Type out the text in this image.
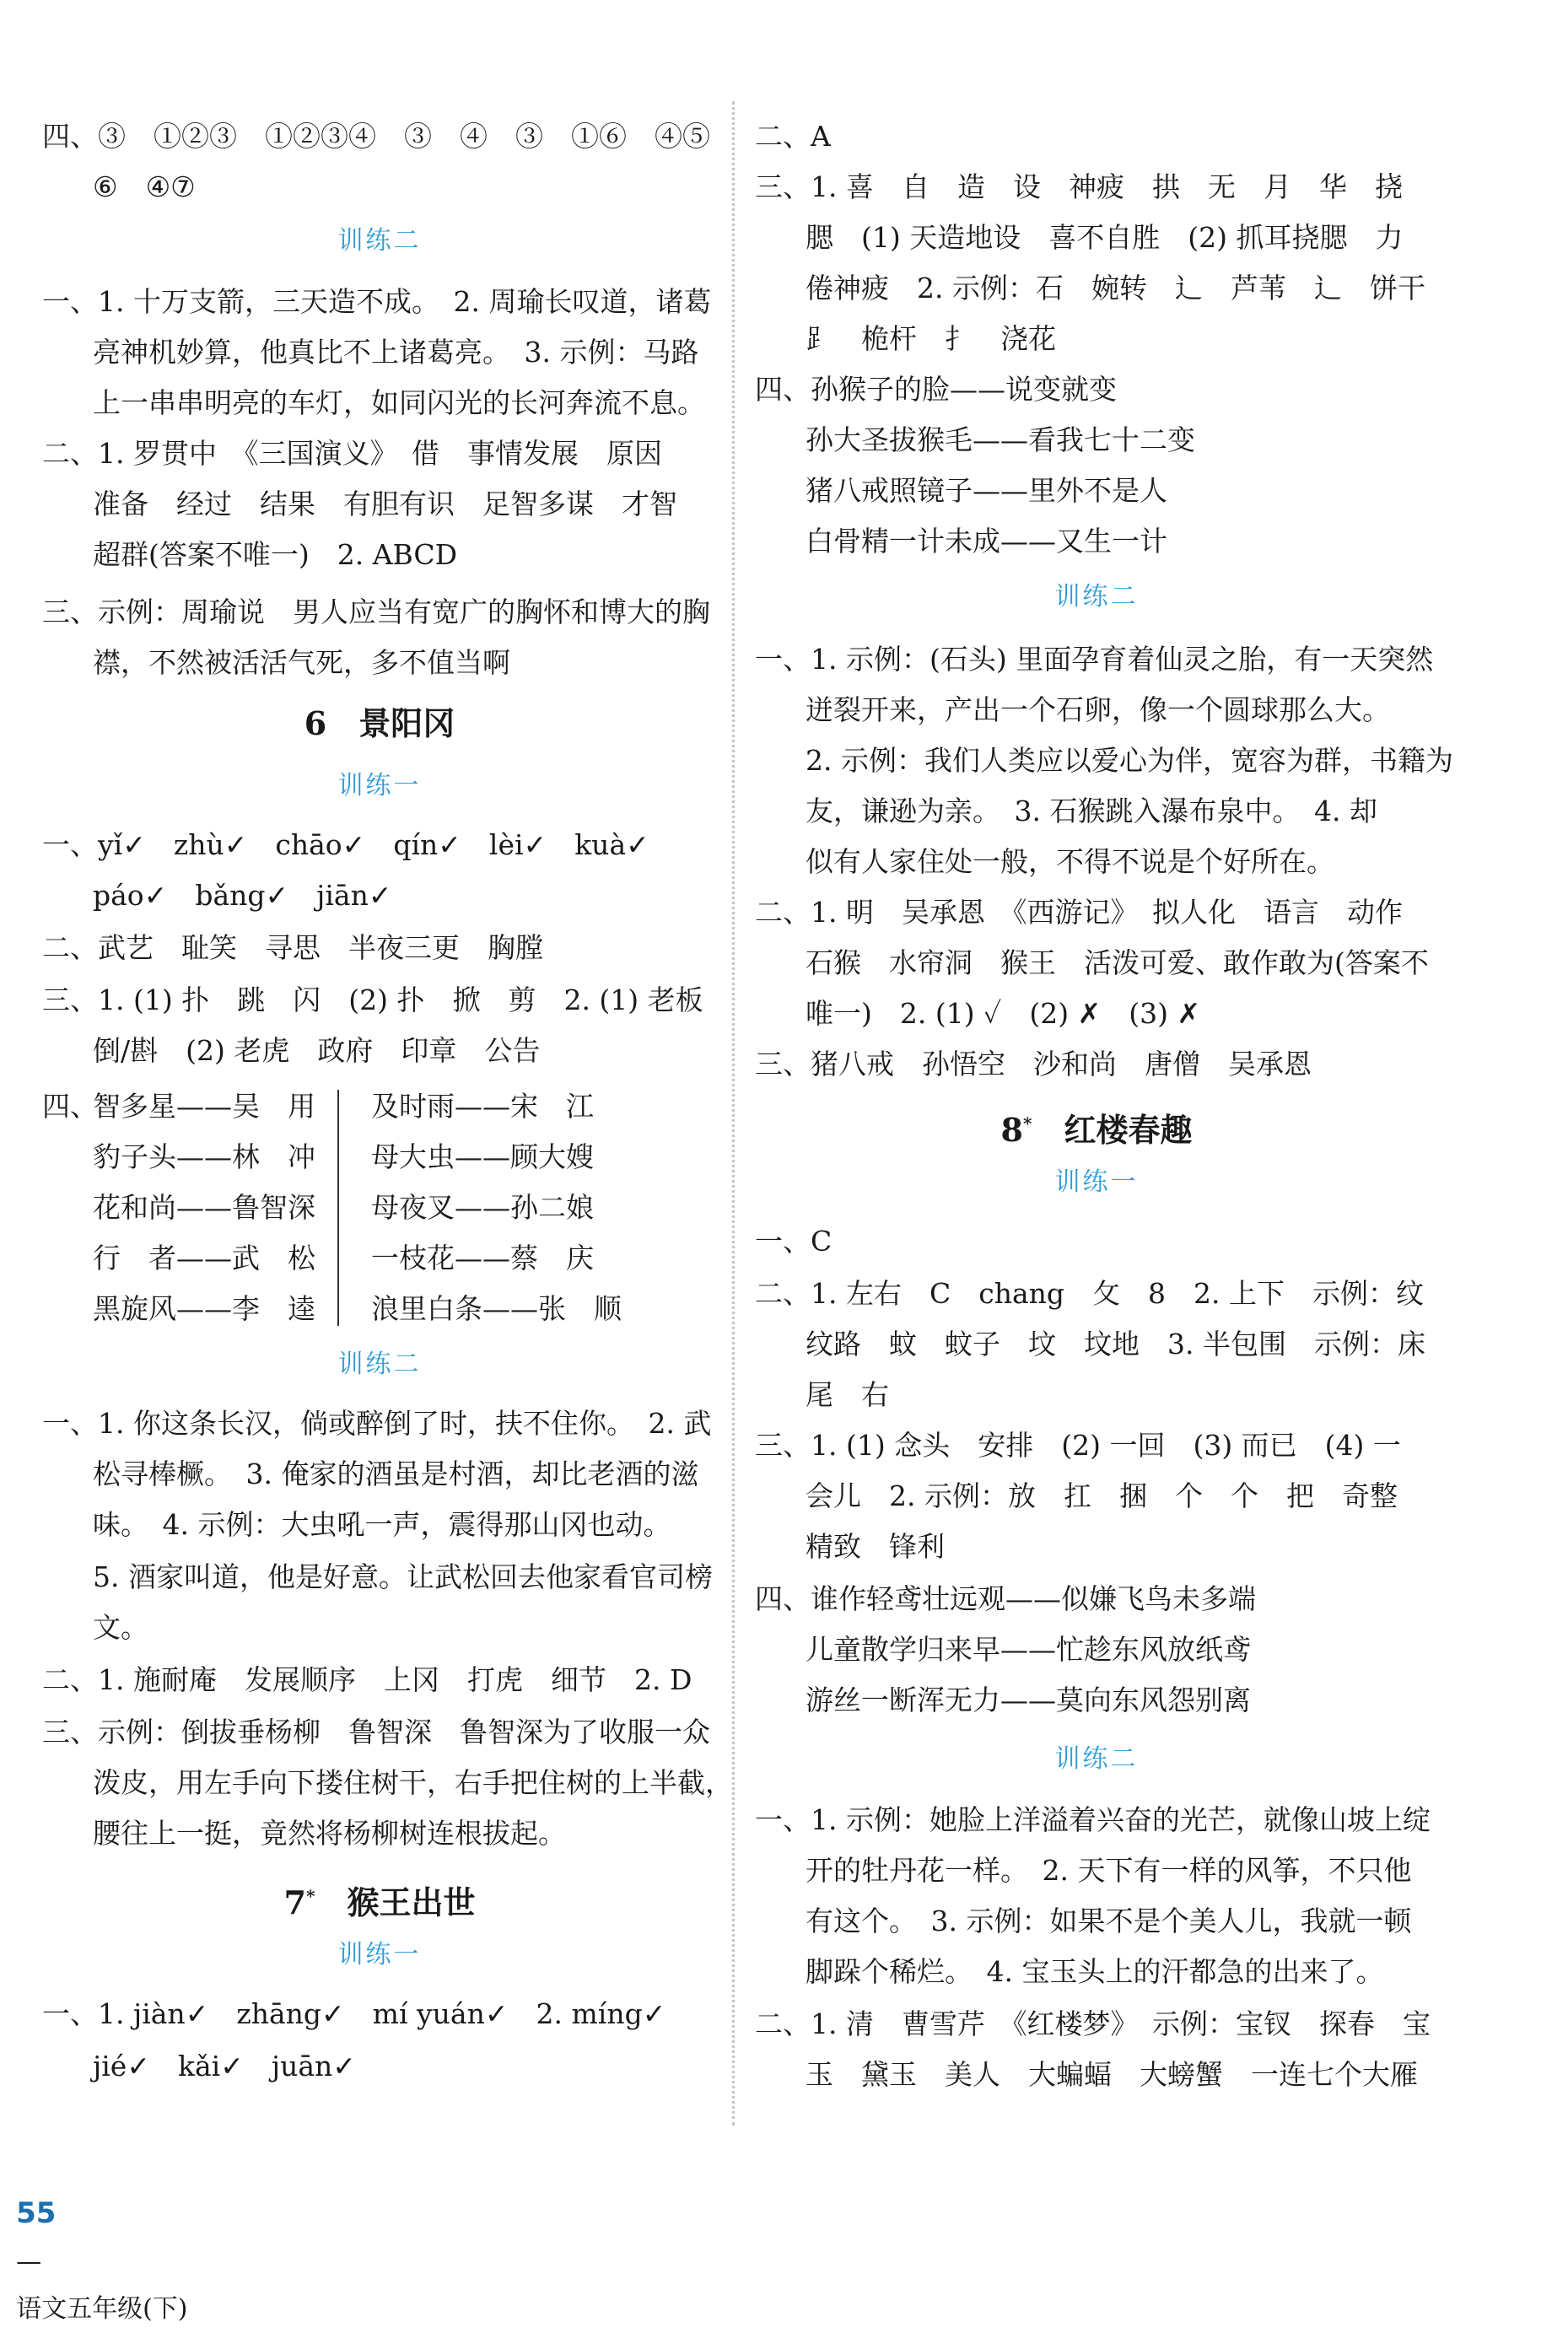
四、③　①②③　①②③④　③　④　③　①⑥　④⑤
⑥　④⑦
训练二
一、1. 十万支箭，三天造不成。　2. 周瑜长叹道，诸葛
亮神机妙算，他真比不上诸葛亮。　3. 示例：马路
上一串串明亮的车灯，如同闪光的长河奔流不息。
二、1. 罗贯中　《三国演义》　借　事情发展　原因
准备　经过　结果　有胆有识　足智多谋　才智
超群(答案不唯一)　2. ABCD
三、示例：周瑜说　男人应当有宽广的胸怀和博大的胸
襟，不然被活活气死，多不值当啊
6　景阳冈
训练一
一、yǐ✓　zhù✓　chāo✓　qín✓　lèi✓　kuà✓
páo✓　bǎng✓　jiān✓
二、武艺　耻笑　寻思　半夜三更　胸膛
三、1. (1) 扑　跳　闪　(2) 扑　掀　剪　2. (1) 老板
倒/斟　(2) 老虎　政府　印章　公告
四、
智多星——吴　用
豹子头——林　冲
花和尚——鲁智深
行　者——武　松
黑旋风——李　逵
及时雨——宋　江
母大虫——顾大嫂
母夜叉——孙二娘
一枝花——蔡　庆
浪里白条——张　顺
训练二
一、1. 你这条长汉，倘或醉倒了时，扶不住你。　2. 武
松寻棒橛。　3. 俺家的酒虽是村酒，却比老酒的滋
味。　4. 示例：大虫吼一声，震得那山冈也动。
5. 酒家叫道，他是好意。让武松回去他家看官司榜
文。
二、1. 施耐庵　发展顺序　上冈　打虎　细节　2. D
三、示例：倒拔垂杨柳　鲁智深　鲁智深为了收服一众
泼皮，用左手向下搂住树干，右手把住树的上半截，
腰往上一挺，竟然将杨柳树连根拔起。
7*　 猴王出世
训练一
一、1. jiàn✓　zhāng✓　mí yuán✓　2. míng✓
jié✓　kǎi✓　juān✓
二、A
三、1. 喜　自　造　设　神疲　拱　无　月　华　挠
腮　(1) 天造地设　喜不自胜　(2) 抓耳挠腮　力
倦神疲　2. 示例：石　婉转　辶　芦苇　辶　饼干
⻊　桅杆　扌　浇花
四、孙猴子的脸——说变就变
孙大圣拔猴毛——看我七十二变
猪八戒照镜子——里外不是人
白骨精一计未成——又生一计
训练二
一、1. 示例：(石头) 里面孕育着仙灵之胎，有一天突然
迸裂开来，产出一个石卵，像一个圆球那么大。
2. 示例：我们人类应以爱心为伴，宽容为群，书籍为
友，谦逊为亲。　3. 石猴跳入瀑布泉中。　4. 却
似有人家住处一般，不得不说是个好所在。
二、1. 明　吴承恩　《西游记》　拟人化　语言　动作
石猴　水帘洞　猴王　活泼可爱、敢作敢为(答案不
唯一)　2. (1) ✓　(2) ✗　(3) ✗
三、猪八戒　孙悟空　沙和尚　唐僧　吴承恩
8*　 红楼春趣
训练一
一、C
二、1. 左右　C　chang　攵　8　2. 上下　示例：纹
纹路　蚊　蚊子　坟　坟地　3. 半包围　示例：床
尾　右
三、1. (1) 念头　安排　(2) 一回　(3) 而已　(4) 一
会儿　2. 示例：放　扛　捆　个　个　把　奇整
精致　锋利
四、谁作轻鸢壮远观——似嫌飞鸟未多端
儿童散学归来早——忙趁东风放纸鸢
游丝一断浑无力——莫向东风怨别离
训练二
一、1. 示例：她脸上洋溢着兴奋的光芒，就像山坡上绽
开的牡丹花一样。　2. 天下有一样的风筝，不只他
有这个。　3. 示例：如果不是个美人儿，我就一顿
脚跺个稀烂。　4. 宝玉头上的汗都急的出来了。
二、1. 清　曹雪芹　《红楼梦》　示例：宝钗　探春　宝
玉　黛玉　美人　大蝙蝠　大螃蟹　一连七个大雁

55
—
语文五年级(下)
